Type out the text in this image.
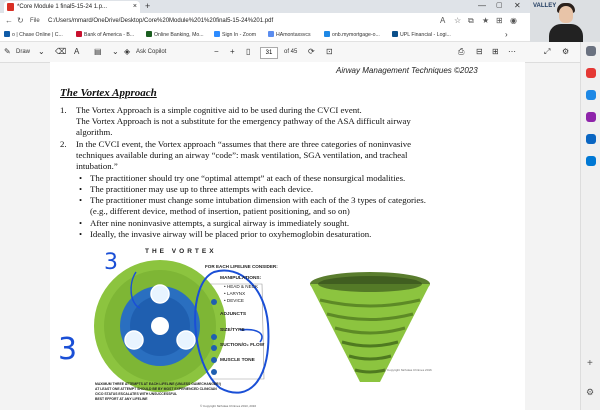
*Core Module 1 final5-15-24 1.p...	× +	— ▢ ✕
← ↻ File C:/Users/mmard/OneDrive/Desktop/Core%20Module%201%20final5-15-24%201.pdf	A ☆ ⧉ ★ ⊞ ◉
o | Chase Online | C...	Bank of America - B...	Online Banking, Mo...	Sign In - Zoom	HAmontaxsvcs	onb.mymortgage-o...	UPL Financial - Logi...	›
VALLEY
✎ Draw ⌄ ⌫ A ▤ ⌄ ◈ Ask Copilot	− + ▯	31	of 45 ⟳ ⊡	⎙ ⊟ ⊞ ⋯	⤢ ⚙
+
⚙
Airway Management Techniques ©2023
The Vortex Approach
1. The Vortex Approach is a simple cognitive aid to be used during the CVCI event.
The Vortex Approach is not a substitute for the emergency pathway of the ASA difficult airway
algorithm.
2. In the CVCI event, the Vortex approach “assumes that there are three categories of noninvasive
techniques available during an airway “code”: mask ventilation, SGA ventilation, and tracheal
intubation.”
• The practitioner should try one “optimal attempt” at each of these nonsurgical modalities.
• The practitioner may use up to three attempts with each device.
• The practitioner must change some intubation dimension with each of the 3 types of categories.
(e.g., different device, method of insertion, patient positioning, and so on)
• After nine noninvasive attempts, a surgical airway is immediately sought.
• Ideally, the invasive airway will be placed prior to oxyhemoglobin desaturation.
THE VORTEX
FOR EACH LIFELINE CONSIDER:
MANIPULATIONS:
• HEAD & NECK
• LARYNX
• DEVICE
ADJUNCTS
SIZE/TYPE
SUCTION/O₂ FLOW
MUSCLE TONE
MAXIMUM THREE ATTEMPTS AT EACH LIFELINE (UNLESS GAMECHANGER!)
AT LEAST ONE ATTEMPT SHOULD BE BY MOST EXPERIENCED CLINICIAN
CICO STATUS ESCALATES WITH UNSUCCESSFUL
BEST EFFORT AT ANY LIFELINE
© Copyright Nicholas Chrimes 2013, 2016
3
3
© Copyright Nicholas Chrimes 2016
